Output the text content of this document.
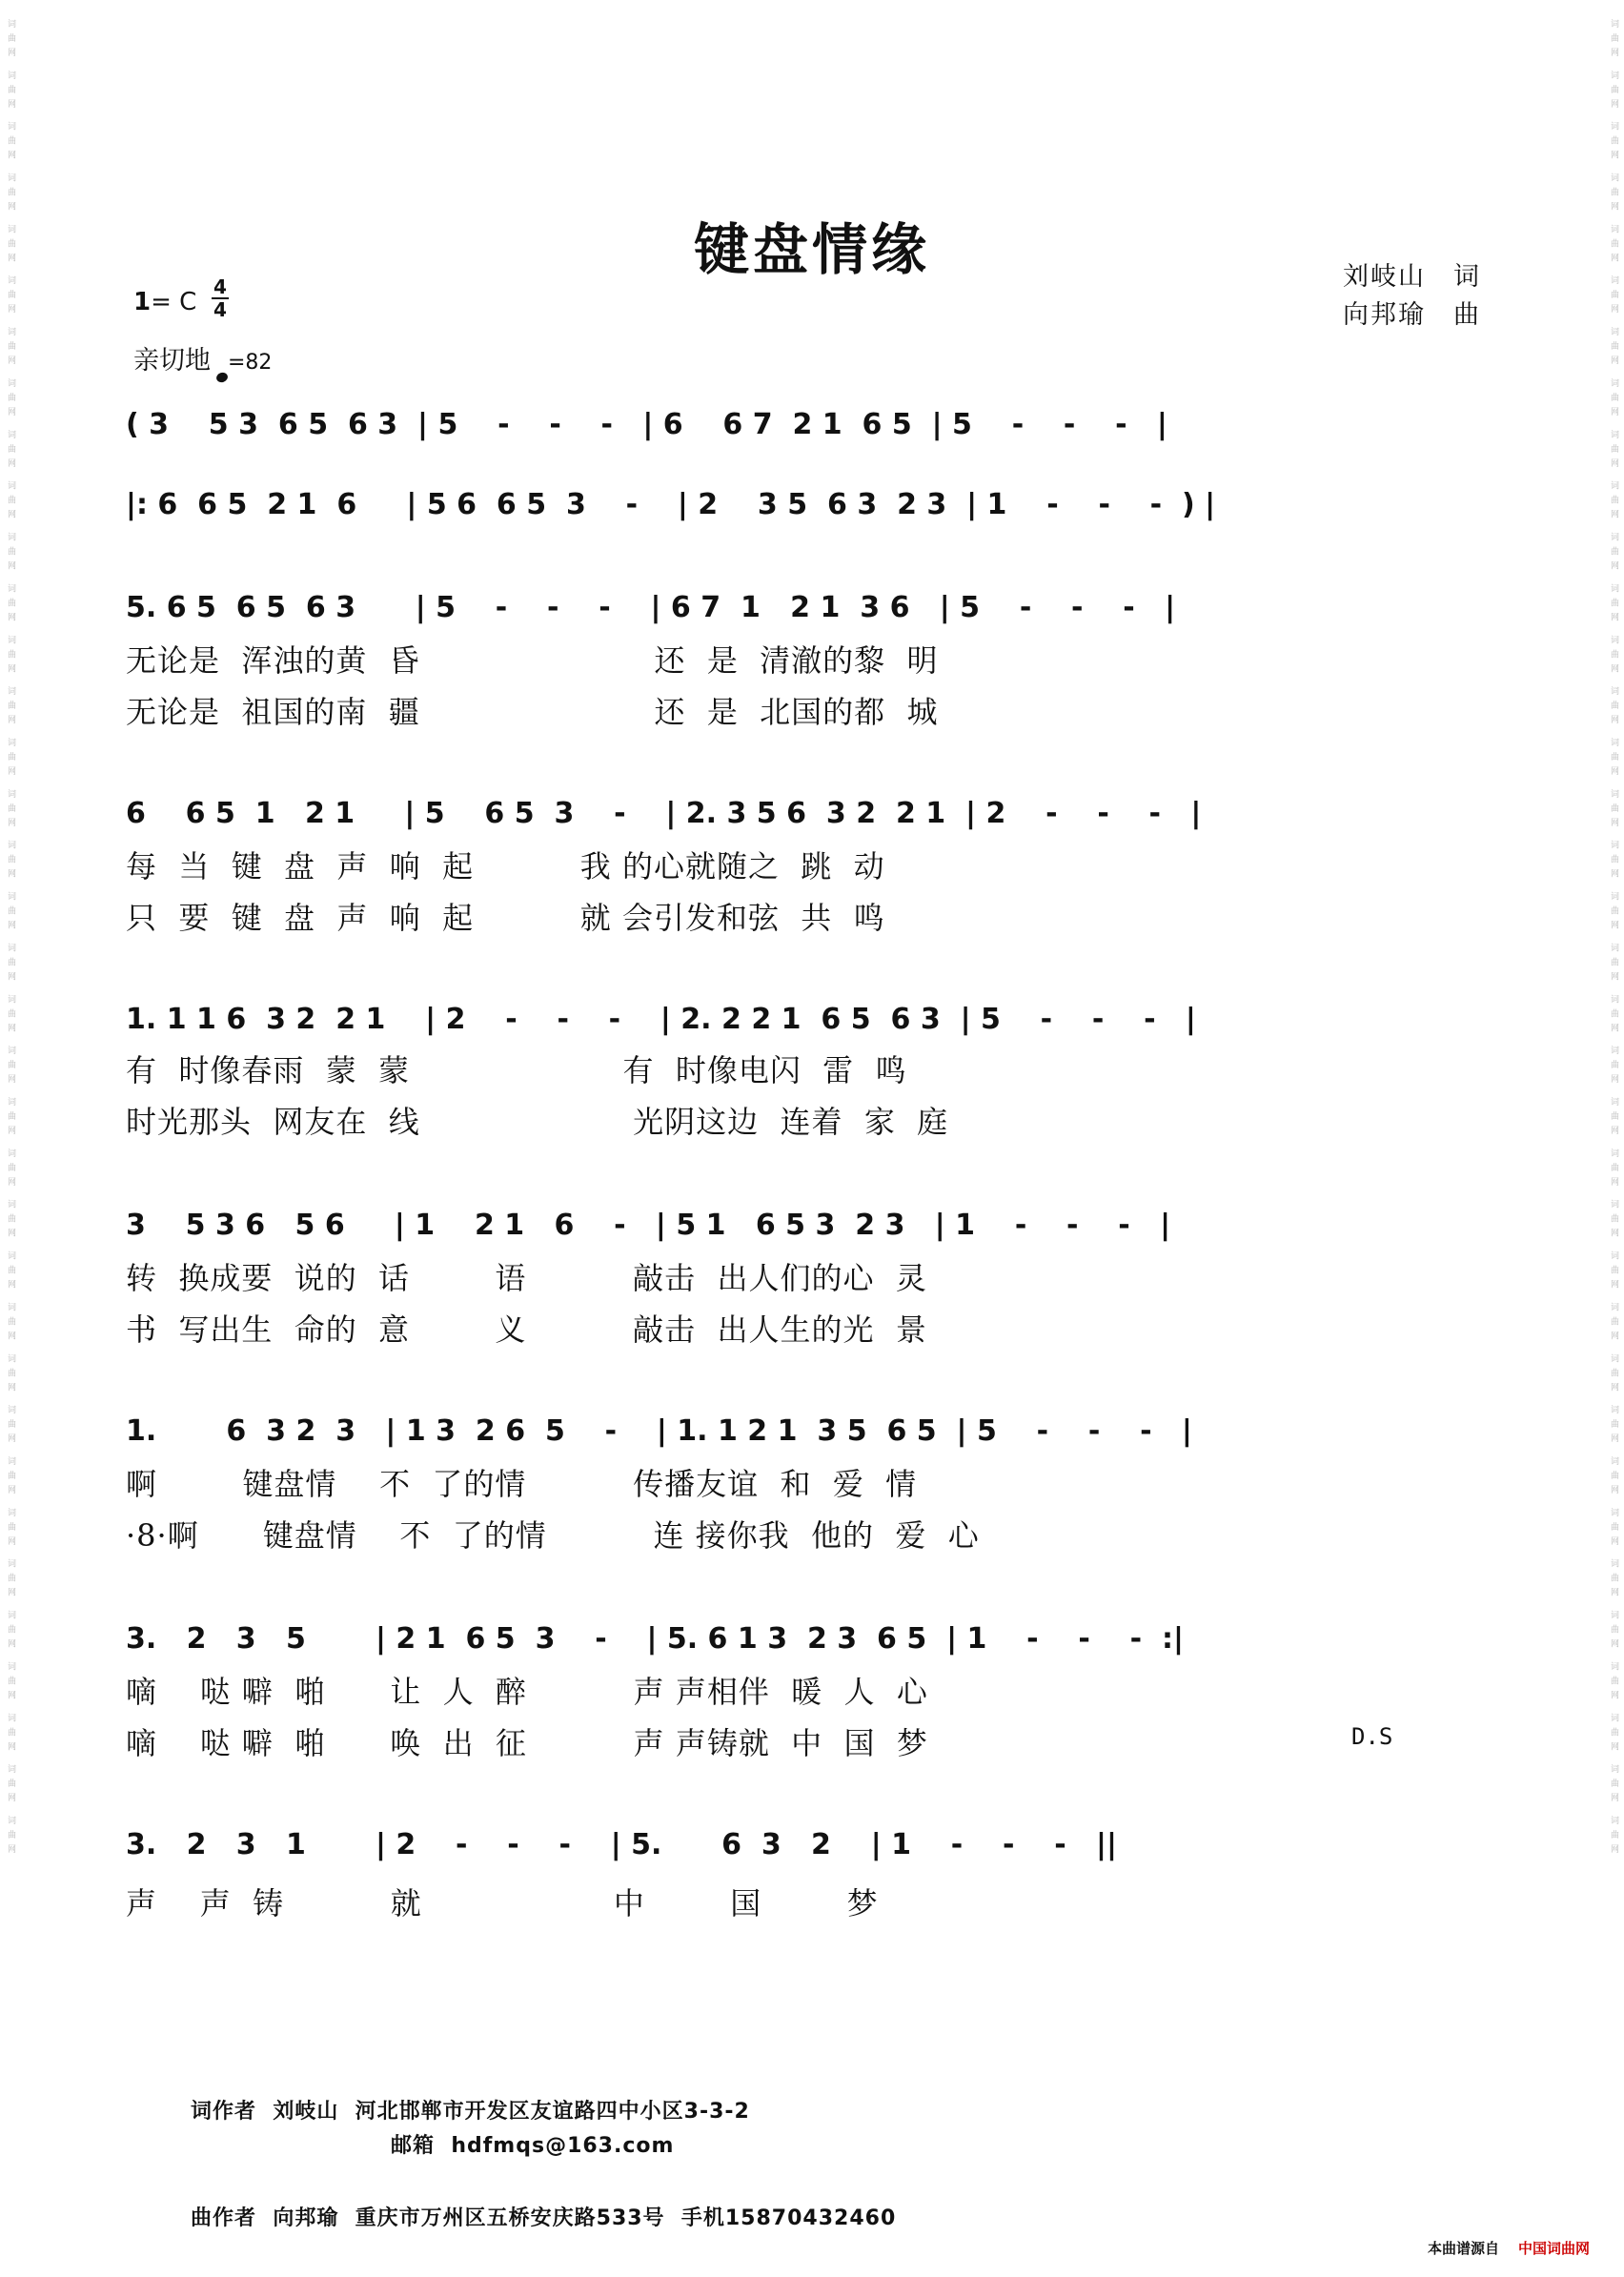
词曲网 词曲网 词曲网 词曲网 词曲网 词曲网 词曲网 词曲网 词曲网 词曲网 词曲网 词曲网 词曲网 词曲网 词曲网 词曲网 词曲网 词曲网 词曲网 词曲网 词曲网 词曲网 词曲网 词曲网 词曲网 词曲网 词曲网 词曲网 词曲网 词曲网 词曲网 词曲网 词曲网 词曲网 词曲网 词曲网	词曲网 词曲网 词曲网 词曲网 词曲网 词曲网 词曲网 词曲网 词曲网 词曲网 词曲网 词曲网 词曲网 词曲网 词曲网 词曲网 词曲网 词曲网 词曲网 词曲网 词曲网 词曲网 词曲网 词曲网 词曲网 词曲网 词曲网 词曲网 词曲网 词曲网 词曲网 词曲网 词曲网 词曲网 词曲网 词曲网
键盘情缘	刘岐山　词
向邦瑜　曲
1= C
4
4
亲切地 =82
( 3    5 3  6 5  6 3  | 5    -    -    -   | 6    6 7  2 1  6 5  | 5    -    -    -   |
|: 6  6 5  2 1  6     | 5 6  6 5  3    -    | 2    3 5  6 3  2 3  | 1    -    -    -  ) |
5. 6 5  6 5  6 3      | 5    -    -    -    | 6 7  1   2 1  3 6   | 5    -    -    -   |
无论是  浑浊的黄  昏                      还  是  清澈的黎  明
无论是  祖国的南  疆                      还  是  北国的都  城
6    6 5  1   2 1     | 5    6 5  3    -    | 2. 3 5 6  3 2  2 1  | 2    -    -    -   |
每  当  键  盘  声  响  起          我 的心就随之  跳  动
只  要  键  盘  声  响  起          就 会引发和弦  共  鸣
1. 1 1 6  3 2  2 1    | 2    -    -    -    | 2. 2 2 1  6 5  6 3  | 5    -    -    -   |
有  时像春雨  蒙  蒙                    有  时像电闪  雷  鸣
时光那头  网友在  线                    光阴这边  连着  家  庭
3    5 3 6   5 6     | 1    2 1   6    -   | 5 1   6 5 3  2 3   | 1    -    -    -   |
转  换成要  说的  话        语          敲击  出人们的心  灵
书  写出生  命的  意        义          敲击  出人生的光  景
1.       6  3 2  3   | 1 3  2 6  5    -    | 1. 1 2 1  3 5  6 5  | 5    -    -    -   |
啊        键盘情    不  了的情          传播友谊  和  爱  情
·8·啊      键盘情    不  了的情          连 接你我  他的  爱  心
3.   2   3   5       | 2 1  6 5  3    -    | 5. 6 1 3  2 3  6 5  | 1    -    -    -  :|
嘀    哒 噼  啪      让  人  醉          声 声相伴  暖  人  心
嘀    哒 噼  啪      唤  出  征          声 声铸就  中  国  梦	D.S
3.   2   3   1       | 2    -    -    -    | 5.      6  3   2    | 1    -    -    -   ||
声    声  铸          就                  中        国        梦
词作者  刘岐山  河北邯郸市开发区友谊路四中小区3-3-2
邮箱  hdfmqs@163.com
曲作者  向邦瑜  重庆市万州区五桥安庆路533号  手机15870432460
本曲谱源自 中国词曲网
